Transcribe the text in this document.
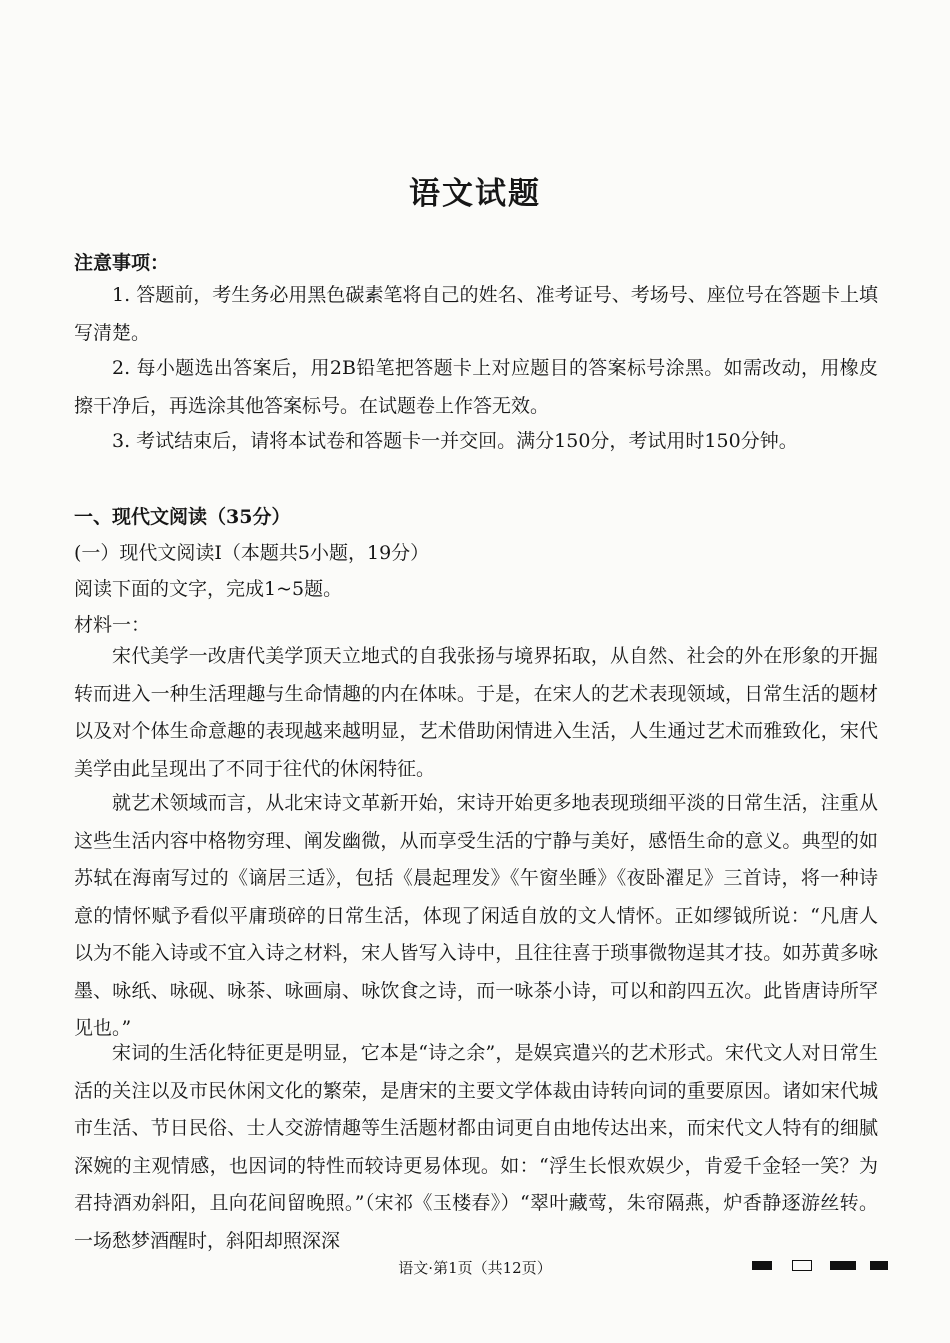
语文试题
注意事项：
1. 答题前，考生务必用黑色碳素笔将自己的姓名、准考证号、考场号、座位号在答题卡上填写清楚。
2. 每小题选出答案后，用2B铅笔把答题卡上对应题目的答案标号涂黑。如需改动，用橡皮擦干净后，再选涂其他答案标号。在试题卷上作答无效。
3. 考试结束后，请将本试卷和答题卡一并交回。满分150分，考试用时150分钟。
一、现代文阅读（35分）
(一）现代文阅读Ⅰ（本题共5小题，19分）
阅读下面的文字，完成1~5题。
材料一：
宋代美学一改唐代美学顶天立地式的自我张扬与境界拓取，从自然、社会的外在形象的开掘转而进入一种生活理趣与生命情趣的内在体味。于是，在宋人的艺术表现领域，日常生活的题材以及对个体生命意趣的表现越来越明显，艺术借助闲情进入生活，人生通过艺术而雅致化，宋代美学由此呈现出了不同于往代的休闲特征。
就艺术领域而言，从北宋诗文革新开始，宋诗开始更多地表现琐细平淡的日常生活，注重从这些生活内容中格物穷理、阐发幽微，从而享受生活的宁静与美好，感悟生命的意义。典型的如苏轼在海南写过的《谪居三适》，包括《晨起理发》《午窗坐睡》《夜卧濯足》三首诗，将一种诗意的情怀赋予看似平庸琐碎的日常生活，体现了闲适自放的文人情怀。正如缪钺所说：“凡唐人以为不能入诗或不宜入诗之材料，宋人皆写入诗中，且往往喜于琐事微物逞其才技。如苏黄多咏墨、咏纸、咏砚、咏茶、咏画扇、咏饮食之诗，而一咏茶小诗，可以和韵四五次。此皆唐诗所罕见也。”
宋词的生活化特征更是明显，它本是“诗之余”，是娱宾遣兴的艺术形式。宋代文人对日常生活的关注以及市民休闲文化的繁荣，是唐宋的主要文学体裁由诗转向词的重要原因。诸如宋代城市生活、节日民俗、士人交游情趣等生活题材都由词更自由地传达出来，而宋代文人特有的细腻深婉的主观情感，也因词的特性而较诗更易体现。如：“浮生长恨欢娱少，肯爱千金轻一笑？为君持酒劝斜阳，且向花间留晚照。”（宋祁《玉楼春》）“翠叶藏莺，朱帘隔燕，炉香静逐游丝转。一场愁梦酒醒时，斜阳却照深深
语文·第1页（共12页）
